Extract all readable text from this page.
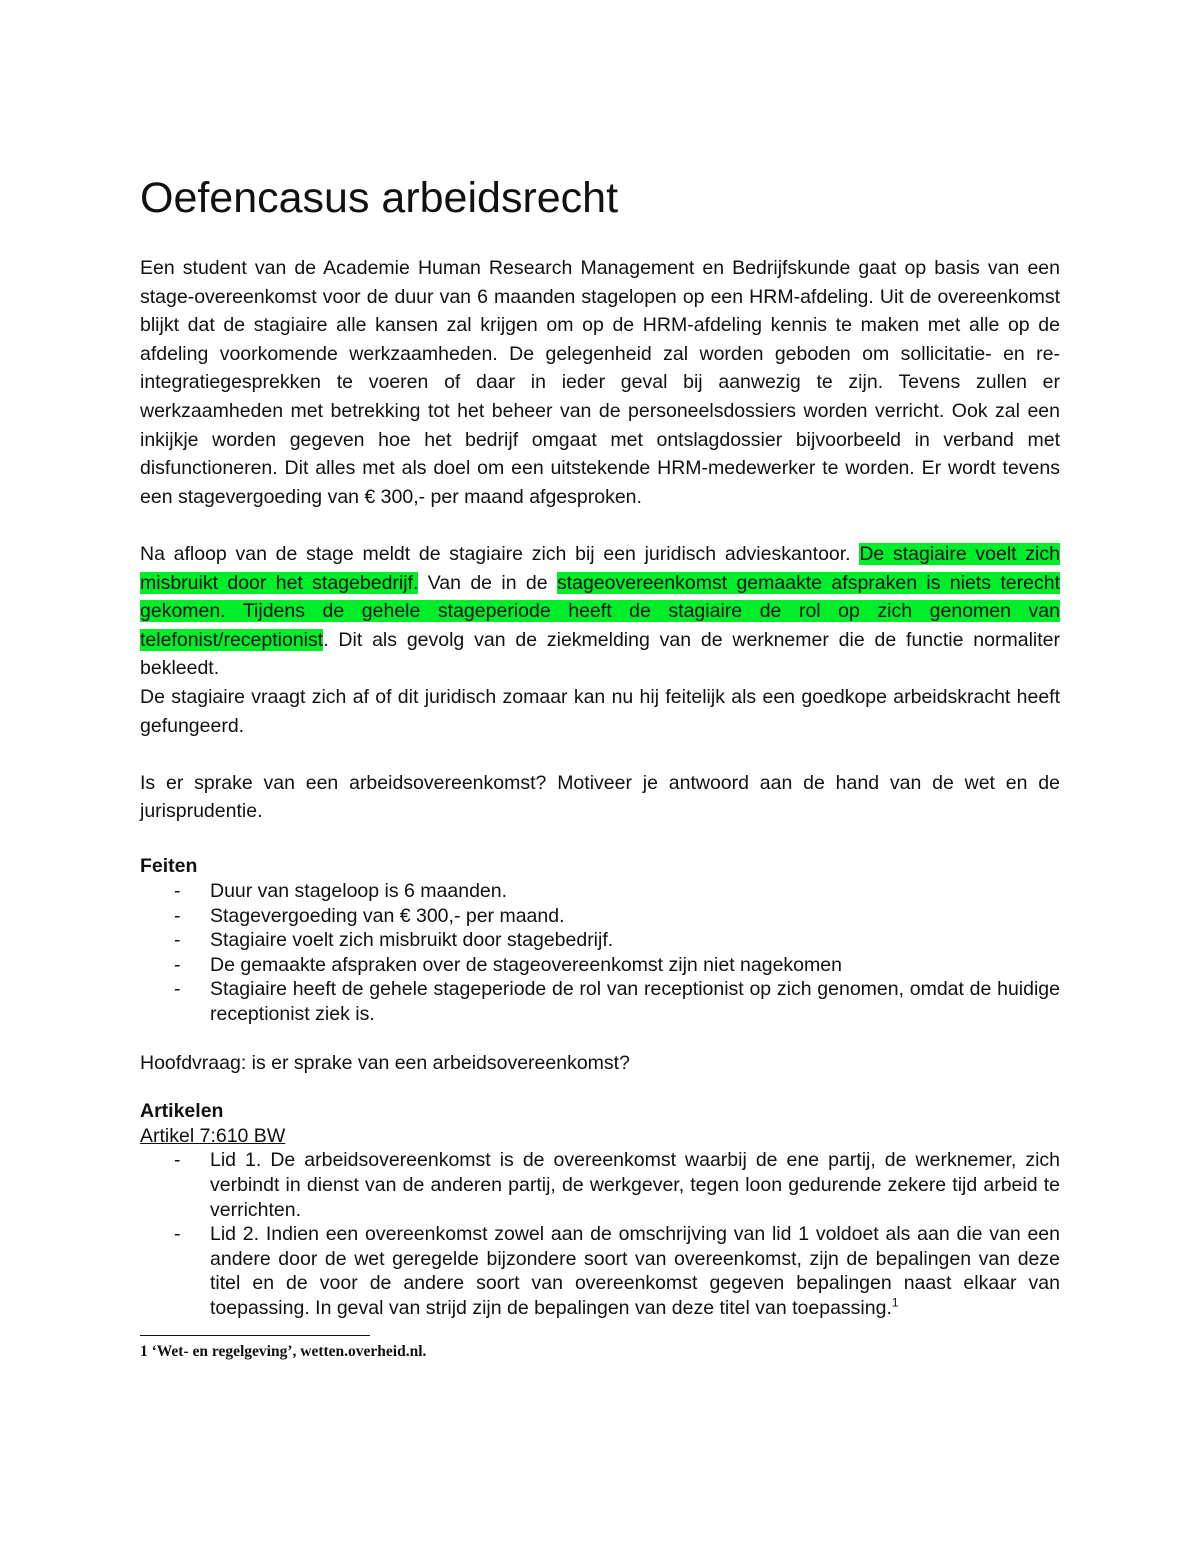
Oefencasus arbeidsrecht

Een student van de Academie Human Research Management en Bedrijfskunde gaat op basis van een stage-overeenkomst voor de duur van 6 maanden stagelopen op een HRM-afdeling. Uit de overeenkomst blijkt dat de stagiaire alle kansen zal krijgen om op de HRM-afdeling kennis te maken met alle op de afdeling voorkomende werkzaamheden. De gelegenheid zal worden geboden om sollicitatie- en re-integratiegesprekken te voeren of daar in ieder geval bij aanwezig te zijn. Tevens zullen er werkzaamheden met betrekking tot het beheer van de personeelsdossiers worden verricht. Ook zal een inkijkje worden gegeven hoe het bedrijf omgaat met ontslagdossier bijvoorbeeld in verband met disfunctioneren. Dit alles met als doel om een uitstekende HRM-medewerker te worden. Er wordt tevens een stagevergoeding van € 300,- per maand afgesproken.

Na afloop van de stage meldt de stagiaire zich bij een juridisch advieskantoor. De stagiaire voelt zich misbruikt door het stagebedrijf. Van de in de stageovereenkomst gemaakte afspraken is niets terecht gekomen. Tijdens de gehele stageperiode heeft de stagiaire de rol op zich genomen van telefonist/receptionist. Dit als gevolg van de ziekmelding van de werknemer die de functie normaliter bekleedt.

De stagiaire vraagt zich af of dit juridisch zomaar kan nu hij feitelijk als een goedkope arbeidskracht heeft gefungeerd.

Is er sprake van een arbeidsovereenkomst? Motiveer je antwoord aan de hand van de wet en de jurisprudentie.

Feiten
- Duur van stageloop is 6 maanden.
- Stagevergoeding van € 300,- per maand.
- Stagiaire voelt zich misbruikt door stagebedrijf.
- De gemaakte afspraken over de stageovereenkomst zijn niet nagekomen
- Stagiaire heeft de gehele stageperiode de rol van receptionist op zich genomen, omdat de huidige receptionist ziek is.

Hoofdvraag: is er sprake van een arbeidsovereenkomst?

Artikelen
Artikel 7:610 BW
- Lid 1. De arbeidsovereenkomst is de overeenkomst waarbij de ene partij, de werknemer, zich verbindt in dienst van de anderen partij, de werkgever, tegen loon gedurende zekere tijd arbeid te verrichten.
- Lid 2. Indien een overeenkomst zowel aan de omschrijving van lid 1 voldoet als aan die van een andere door de wet geregelde bijzondere soort van overeenkomst, zijn de bepalingen van deze titel en de voor de andere soort van overeenkomst gegeven bepalingen naast elkaar van toepassing. In geval van strijd zijn de bepalingen van deze titel van toepassing.$^1$
1 ‘Wet- en regelgeving’, wetten.overheid.nl.
